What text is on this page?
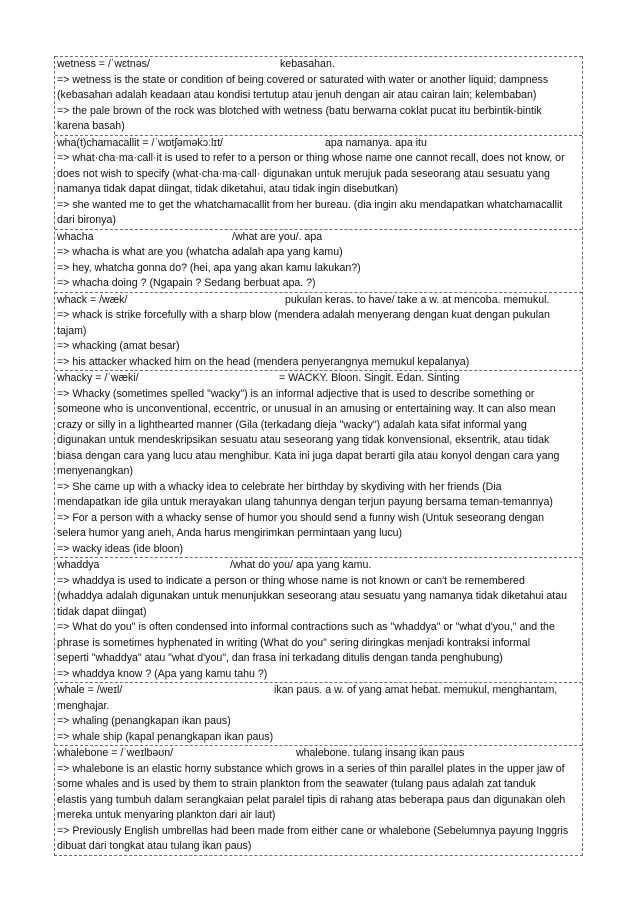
wetness = /ˈwɛtnəs/	kebasahan.
=> wetness is the state or condition of being covered or saturated with water or another liquid; dampness
(kebasahan adalah keadaan atau kondisi tertutup atau jenuh dengan air atau cairan lain; kelembaban)
=> the pale brown of the rock was blotched with wetness (batu berwarna coklat pucat itu berbintik-bintik
karena basah)
wha(t)chamacallit = /ˈwɒtʃəməkɔːlɪt/	apa namanya. apa itu
=> what·cha·ma·call·it is used to refer to a person or thing whose name one cannot recall, does not know, or
does not wish to specify (what·cha·ma·call· digunakan untuk merujuk pada seseorang atau sesuatu yang
namanya tidak dapat diingat, tidak diketahui, atau tidak ingin disebutkan)
=> she wanted me to get the whatchamacallit from her bureau. (dia ingin aku mendapatkan whatchamacallit
dari bironya)
whacha	/what are you/. apa
=> whacha is what are you (whatcha adalah apa yang kamu)
=> hey, whatcha gonna do? (hei, apa yang akan kamu lakukan?)
=> whacha doing ? (Ngapain ? Sedang berbuat apa. ?)
whack = /wæk/	pukulan keras. to have/ take a w. at mencoba. memukul.
=> whack is strike forcefully with a sharp blow (mendera adalah menyerang dengan kuat dengan pukulan
tajam)
=> whacking (amat besar)
=> his attacker whacked him on the head (mendera penyerangnya memukul kepalanya)
whacky = /ˈwæki/	= WACKY. Bloon. Singit. Edan. Sinting
=> Whacky (sometimes spelled "wacky") is an informal adjective that is used to describe something or
someone who is unconventional, eccentric, or unusual in an amusing or entertaining way. It can also mean
crazy or silly in a lighthearted manner (Gila (terkadang dieja "wacky") adalah kata sifat informal yang
digunakan untuk mendeskripsikan sesuatu atau seseorang yang tidak konvensional, eksentrik, atau tidak
biasa dengan cara yang lucu atau menghibur. Kata ini juga dapat berarti gila atau konyol dengan cara yang
menyenangkan)
=> She came up with a whacky idea to celebrate her birthday by skydiving with her friends (Dia
mendapatkan ide gila untuk merayakan ulang tahunnya dengan terjun payung bersama teman-temannya)
=> For a person with a whacky sense of humor you should send a funny wish (Untuk seseorang dengan
selera humor yang aneh, Anda harus mengirimkan permintaan yang lucu)
=> wacky ideas (ide bloon)
whaddya	/what do you/ apa yang kamu.
=> whaddya is used to indicate a person or thing whose name is not known or can't be remembered
(whaddya adalah digunakan untuk menunjukkan seseorang atau sesuatu yang namanya tidak diketahui atau
tidak dapat diingat)
=> What do you" is often condensed into informal contractions such as "whaddya" or "what d'you," and the
phrase is sometimes hyphenated in writing (What do you" sering diringkas menjadi kontraksi informal
seperti "whaddya" atau "what d'you", dan frasa ini terkadang ditulis dengan tanda penghubung)
=> whaddya know ? (Apa yang kamu tahu ?)
whale = /weɪl/	ikan paus. a w. of yang amat hebat. memukul, menghantam,
menghajar.
=> whaling (penangkapan ikan paus)
=> whale ship (kapal penangkapan ikan paus)
whalebone = /ˈweɪlbəʊn/	whalebone. tulang insang ikan paus
=> whalebone is an elastic horny substance which grows in a series of thin parallel plates in the upper jaw of
some whales and is used by them to strain plankton from the seawater (tulang paus adalah zat tanduk
elastis yang tumbuh dalam serangkaian pelat paralel tipis di rahang atas beberapa paus dan digunakan oleh
mereka untuk menyaring plankton dari air laut)
=> Previously English umbrellas had been made from either cane or whalebone (Sebelumnya payung Inggris
dibuat dari tongkat atau tulang ikan paus)
